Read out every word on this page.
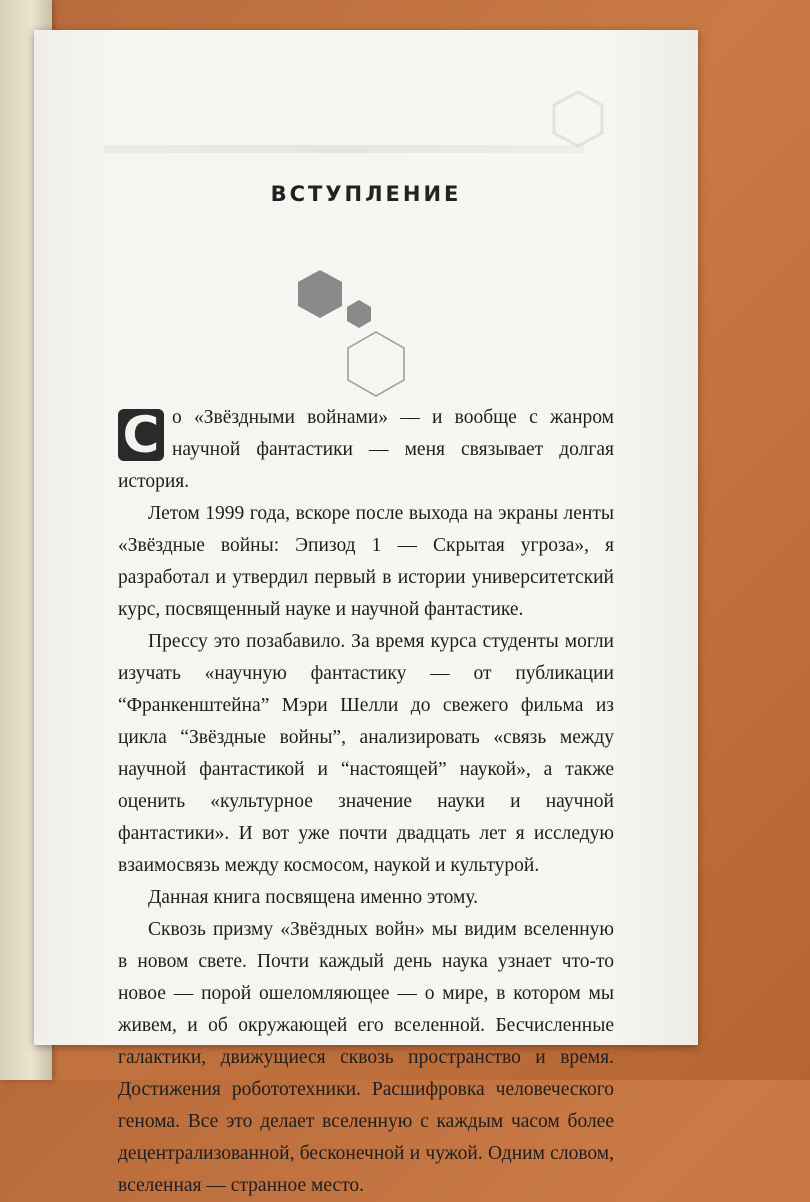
ВСТУПЛЕНИЕ

С о «Звёздными войнами» — и вообще с жанром научной фантастики — меня связывает долгая история.

Летом 1999 года, вскоре после выхода на экраны ленты «Звёздные войны: Эпизод 1 — Скрытая угроза», я разработал и утвердил первый в истории университетский курс, посвященный науке и научной фантастике.

Прессу это позабавило. За время курса студенты могли изучать «научную фантастику — от публикации “Франкенштейна” Мэри Шелли до свежего фильма из цикла “Звёздные войны”, анализировать «связь между научной фантастикой и “настоящей” наукой», а также оценить «культурное значение науки и научной фантастики». И вот уже почти двадцать лет я исследую взаимосвязь между космосом, наукой и культурой.

Данная книга посвящена именно этому.

Сквозь призму «Звёздных войн» мы видим вселенную в новом свете. Почти каждый день наука узнает что-то новое — порой ошеломляющее — о мире, в котором мы живем, и об окружающей его вселенной. Бесчисленные галактики, движущиеся сквозь пространство и время. Достижения робототехники. Расшифровка человеческого генома. Все это делает вселенную с каждым часом более децентрализованной, бесконечной и чужой. Одним словом, вселенная — странное место.
